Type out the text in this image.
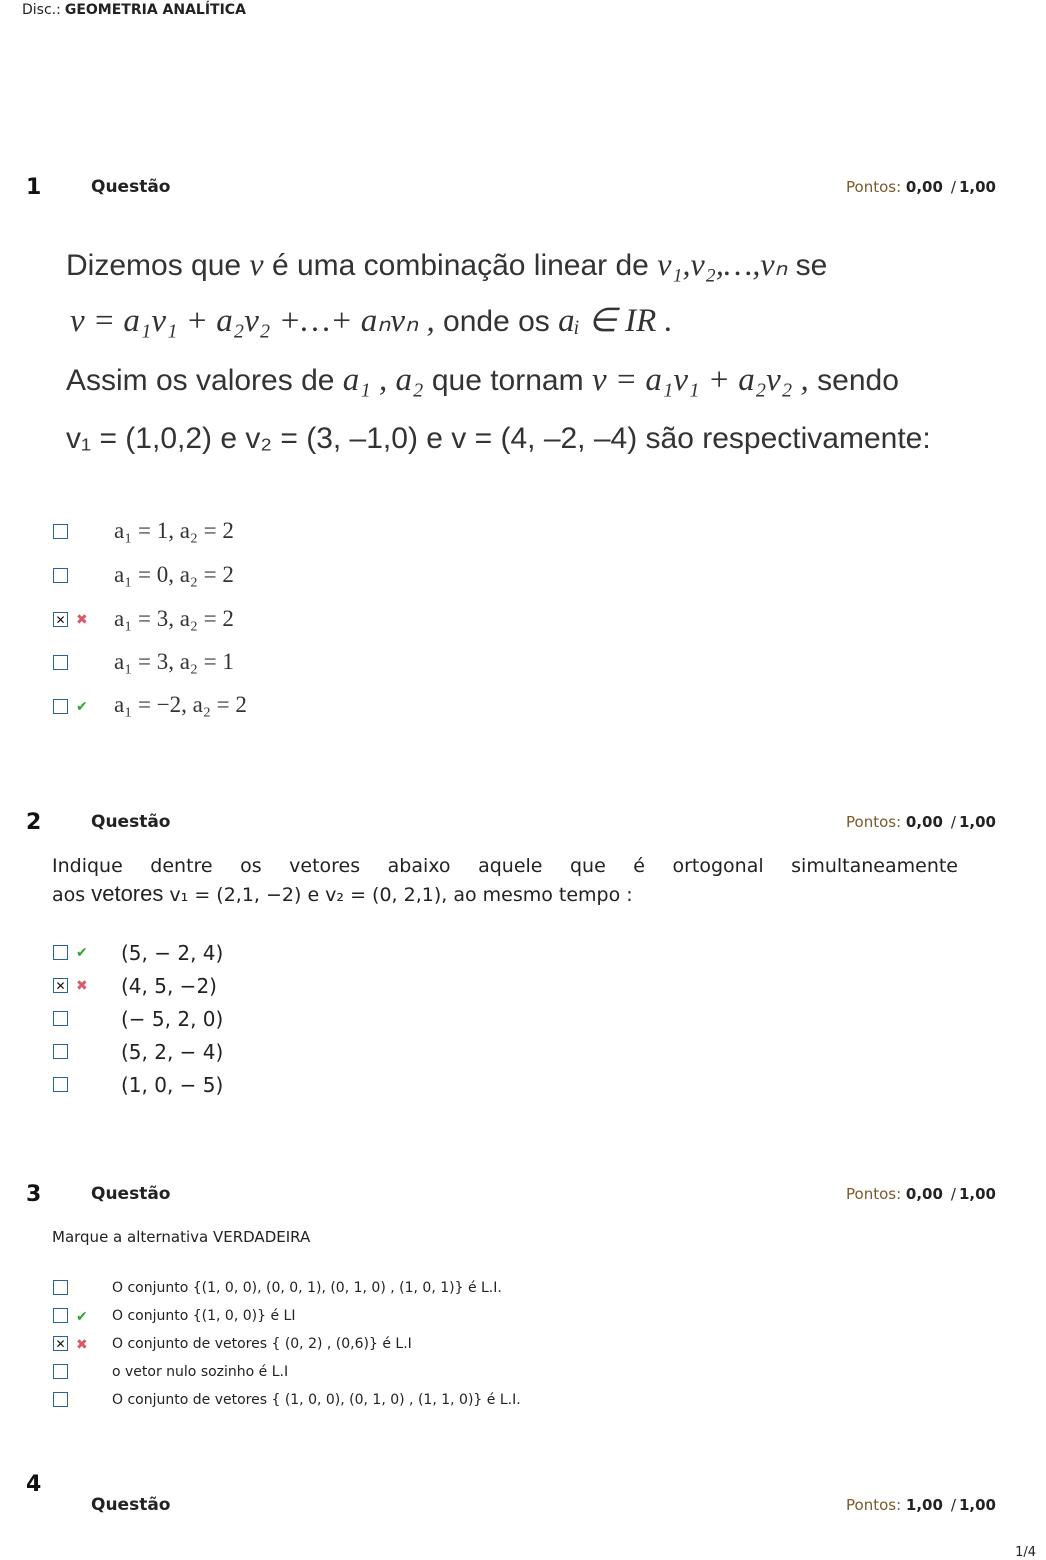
Disc.: GEOMETRIA ANALÍTICA
1	Questão	Pontos: 0,00 / 1,00
Dizemos que v é uma combinação linear de v₁,v₂,…,vₙ se
v = a₁v₁ + a₂v₂ +…+ aₙvₙ , onde os aᵢ ∈ IR .
Assim os valores de a₁ , a₂ que tornam v = a₁v₁ + a₂v₂ , sendo
v₁ = (1,0,2) e v₂ = (3, –1,0) e v = (4, –2, –4) são respectivamente:
a₁ = 1, a₂ = 2
a₁ = 0, a₂ = 2
✕
✖ a₁ = 3, a₂ = 2
a₁ = 3, a₂ = 1
✔ a₁ = −2, a₂ = 2
2	Questão	Pontos: 0,00 / 1,00
Indique dentre os vetores abaixo aquele que é ortogonal simultaneamente
aos vetores v₁ = (2,1, −2) e v₂ = (0, 2,1), ao mesmo tempo :
✔ (5, − 2, 4)
✕
✖ (4, 5, −2)
(− 5, 2, 0)
(5, 2, − 4)
(1, 0, − 5)
3	Questão	Pontos: 0,00 / 1,00
Marque a alternativa VERDADEIRA
O conjunto {(1, 0, 0), (0, 0, 1), (0, 1, 0) , (1, 0, 1)} é L.I.
✔ O conjunto {(1, 0, 0)} é LI
✕
✖ O conjunto de vetores { (0, 2) , (0,6)} é L.I
o vetor nulo sozinho é L.I
O conjunto de vetores { (1, 0, 0), (0, 1, 0) , (1, 1, 0)} é L.I.
4
Questão	Pontos: 1,00 / 1,00
1/4
